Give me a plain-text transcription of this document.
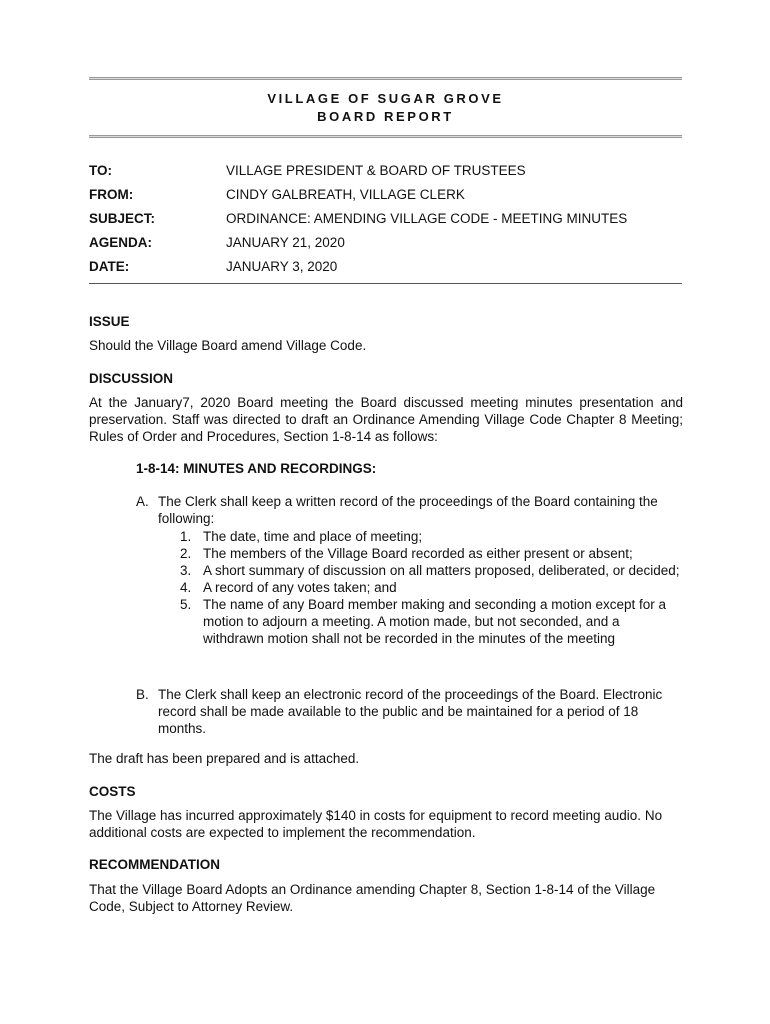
VILLAGE OF SUGAR GROVE
BOARD REPORT
TO:	VILLAGE PRESIDENT & BOARD OF TRUSTEES
FROM:	CINDY GALBREATH, VILLAGE CLERK
SUBJECT:	ORDINANCE: AMENDING VILLAGE CODE - MEETING MINUTES
AGENDA:	JANUARY 21, 2020
DATE:	JANUARY 3, 2020
ISSUE
Should the Village Board amend Village Code.
DISCUSSION
At the January7, 2020 Board meeting the Board discussed meeting minutes presentation and preservation. Staff was directed to draft an Ordinance Amending Village Code Chapter 8 Meeting; Rules of Order and Procedures, Section 1-8-14 as follows:
1-8-14: MINUTES AND RECORDINGS:
A. The Clerk shall keep a written record of the proceedings of the Board containing the following:
1. The date, time and place of meeting;
2. The members of the Village Board recorded as either present or absent;
3. A short summary of discussion on all matters proposed, deliberated, or decided;
4. A record of any votes taken; and
5. The name of any Board member making and seconding a motion except for a motion to adjourn a meeting. A motion made, but not seconded, and a withdrawn motion shall not be recorded in the minutes of the meeting
B. The Clerk shall keep an electronic record of the proceedings of the Board. Electronic record shall be made available to the public and be maintained for a period of 18 months.
The draft has been prepared and is attached.
COSTS
The Village has incurred approximately $140 in costs for equipment to record meeting audio. No additional costs are expected to implement the recommendation.
RECOMMENDATION
That the Village Board Adopts an Ordinance amending Chapter 8, Section 1-8-14 of the Village Code, Subject to Attorney Review.
